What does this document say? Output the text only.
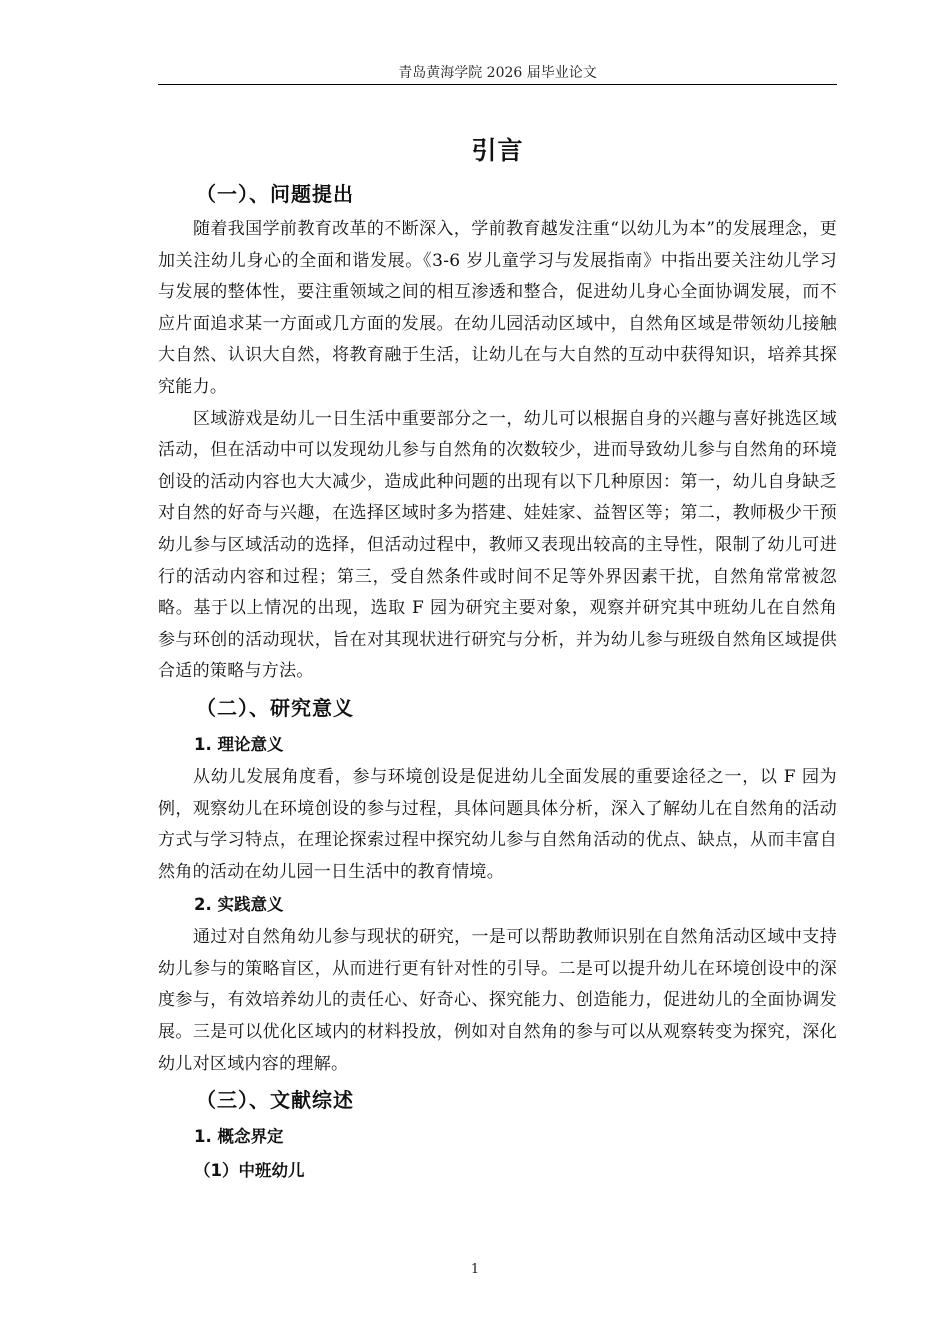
青岛黄海学院 2026 届毕业论文
引言
（一）、问题提出

随着我国学前教育改革的不断深入，学前教育越发注重“以幼儿为本”的发展理念，更加关注幼儿身心的全面和谐发展。《3-6 岁儿童学习与发展指南》中指出要关注幼儿学习与发展的整体性，要注重领域之间的相互渗透和整合，促进幼儿身心全面协调发展，而不应片面追求某一方面或几方面的发展。在幼儿园活动区域中，自然角区域是带领幼儿接触大自然、认识大自然，将教育融于生活，让幼儿在与大自然的互动中获得知识，培养其探究能力。

区域游戏是幼儿一日生活中重要部分之一，幼儿可以根据自身的兴趣与喜好挑选区域活动，但在活动中可以发现幼儿参与自然角的次数较少，进而导致幼儿参与自然角的环境创设的活动内容也大大减少，造成此种问题的出现有以下几种原因：第一，幼儿自身缺乏对自然的好奇与兴趣，在选择区域时多为搭建、娃娃家、益智区等；第二，教师极少干预幼儿参与区域活动的选择，但活动过程中，教师又表现出较高的主导性，限制了幼儿可进行的活动内容和过程；第三，受自然条件或时间不足等外界因素干扰，自然角常常被忽略。基于以上情况的出现，选取 F 园为研究主要对象，观察并研究其中班幼儿在自然角参与环创的活动现状，旨在对其现状进行研究与分析，并为幼儿参与班级自然角区域提供合适的策略与方法。

（二）、研究意义
1. 理论意义

从幼儿发展角度看，参与环境创设是促进幼儿全面发展的重要途径之一，以 F 园为例，观察幼儿在环境创设的参与过程，具体问题具体分析，深入了解幼儿在自然角的活动方式与学习特点，在理论探索过程中探究幼儿参与自然角活动的优点、缺点，从而丰富自然角的活动在幼儿园一日生活中的教育情境。

2. 实践意义

通过对自然角幼儿参与现状的研究，一是可以帮助教师识别在自然角活动区域中支持幼儿参与的策略盲区，从而进行更有针对性的引导。二是可以提升幼儿在环境创设中的深度参与，有效培养幼儿的责任心、好奇心、探究能力、创造能力，促进幼儿的全面协调发展。三是可以优化区域内的材料投放，例如对自然角的参与可以从观察转变为探究，深化幼儿对区域内容的理解。

（三）、文献综述
1. 概念界定
（1）中班幼儿
1
